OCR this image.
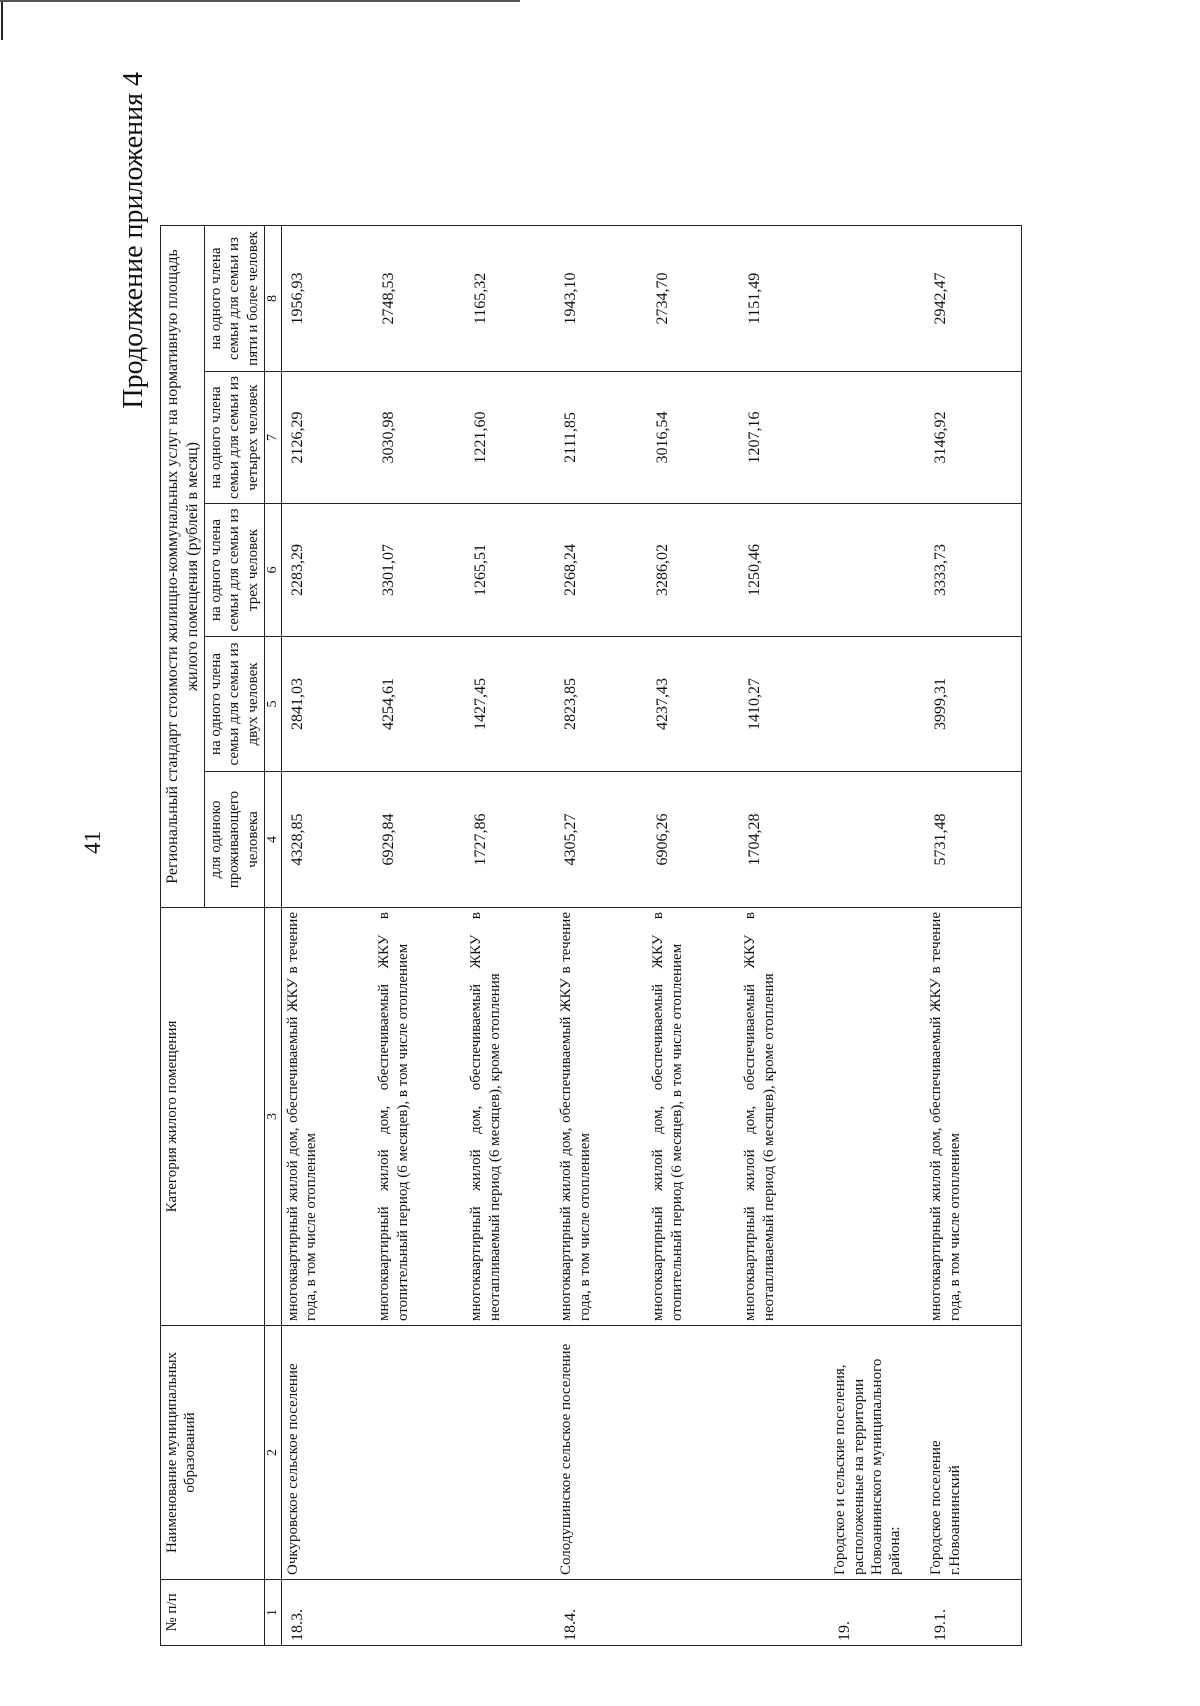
41
Продолжение приложения 4
№ п/п	Наименование муниципальных образований	Категория жилого помещения	Региональный стандарт стоимости жилищно-коммунальных услуг на нормативную площадь жилого помещения (рублей в месяц)				
			для одиноко проживающего человека	на одного члена семьи для семьи из двух человек	на одного члена семьи для семьи из трех человек	на одного члена семьи для семьи из четырех человек	на одного члена семьи для семьи из пяти и более человек
1	2	3	4	5	6	7	8
18.3.	Очкуровское сельское поселение	многоквартирный жилой дом, обеспечиваемый ЖКУ в течение года, в том числе отоплением	4328,85	2841,03	2283,29	2126,29	1956,93
		многоквартирный жилой дом, обеспечиваемый ЖКУ в отопительный период (6 месяцев), в том числе отоплением	6929,84	4254,61	3301,07	3030,98	2748,53
		многоквартирный жилой дом, обеспечиваемый ЖКУ в неотапливаемый период (6 месяцев), кроме отопления	1727,86	1427,45	1265,51	1221,60	1165,32
18.4.	Солодушинское сельское поселение	многоквартирный жилой дом, обеспечиваемый ЖКУ в течение года, в том числе отоплением	4305,27	2823,85	2268,24	2111,85	1943,10
		многоквартирный жилой дом, обеспечиваемый ЖКУ в отопительный период (6 месяцев), в том числе отоплением	6906,26	4237,43	3286,02	3016,54	2734,70
		многоквартирный жилой дом, обеспечиваемый ЖКУ в неотапливаемый период (6 месяцев), кроме отопления	1704,28	1410,27	1250,46	1207,16	1151,49
19.	Городское и сельские поселения, расположенные на территории Новоаннинского муниципального района:						
19.1.	Городское поселение г.Новоаннинский	многоквартирный жилой дом, обеспечиваемый ЖКУ в течение года, в том числе отоплением	5731,48	3999,31	3333,73	3146,92	2942,47
